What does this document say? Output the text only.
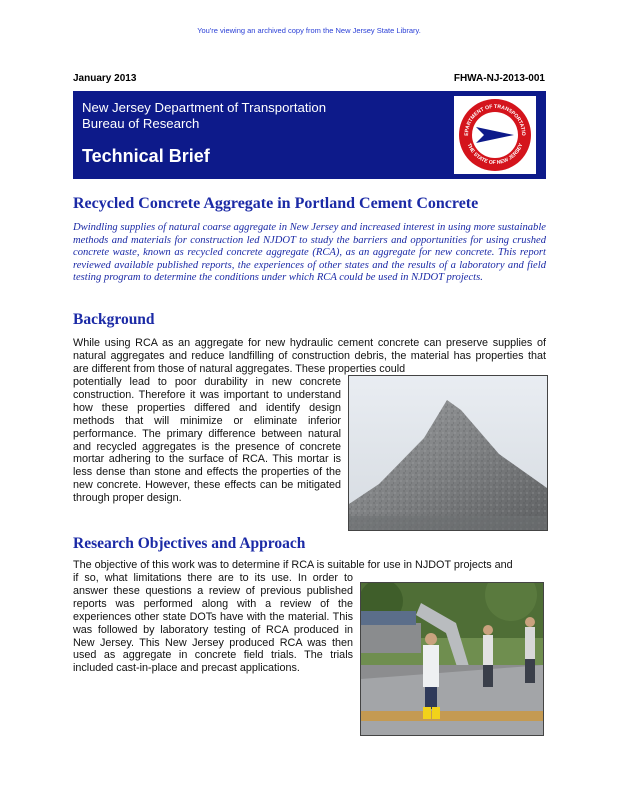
You're viewing an archived copy from the New Jersey State Library.
January 2013	FHWA-NJ-2013-001
New Jersey Department of Transportation
Bureau of Research
Technical Brief
EPARTMENT OF TRANSPORTATIO
THE STATE OF NEW JERSEY
Recycled Concrete Aggregate in Portland Cement Concrete

Dwindling supplies of natural coarse aggregate in New Jersey and increased interest in using more sustainable methods and materials for construction led NJDOT to study the barriers and opportunities for using crushed concrete waste, known as recycled concrete aggregate (RCA), as an aggregate for new concrete. This report reviewed available published reports, the experiences of other states and the results of a laboratory and field testing program to determine the conditions under which RCA could be used in NJDOT projects.

Background

While using RCA as an aggregate for new hydraulic cement concrete can preserve supplies of natural aggregates and reduce landfilling of construction debris, the material has properties that are different from those of natural aggregates. These properties could

potentially lead to poor durability in new concrete construction. Therefore it was important to understand how these properties differed and identify design methods that will minimize or eliminate inferior performance. The primary difference between natural and recycled aggregates is the presence of concrete mortar adhering to the surface of RCA. This mortar is less dense than stone and effects the properties of the new concrete. However, these effects can be mitigated through proper design.

Research Objectives and Approach

The objective of this work was to determine if RCA is suitable for use in NJDOT projects and

if so, what limitations there are to its use. In order to answer these questions a review of previous published reports was performed along with a review of the experiences other state DOTs have with the material. This was followed by laboratory testing of RCA produced in New Jersey. This New Jersey produced RCA was then used as aggregate in concrete field trials. The trials included cast-in-place and precast applications.
